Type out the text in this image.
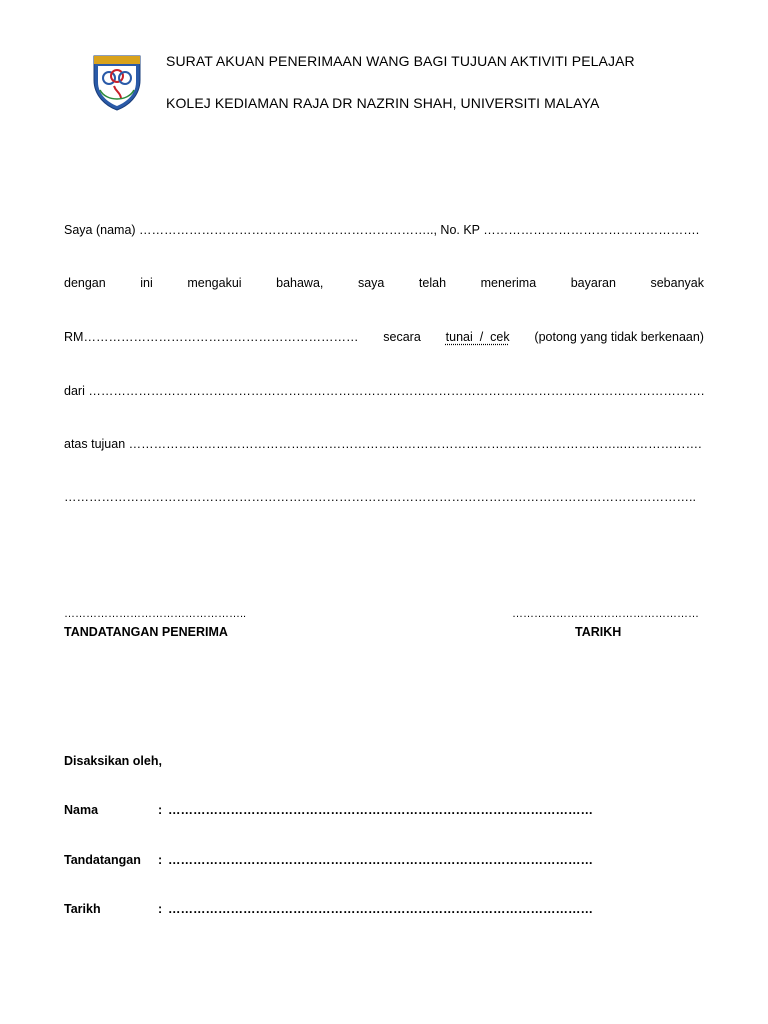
SURAT AKUAN PENERIMAAN WANG BAGI TUJUAN AKTIVITI PELAJAR
KOLEJ KEDIAMAN RAJA DR NAZRIN SHAH, UNIVERSITI MALAYA
Saya (nama) …………………………………………………………….., No. KP …………………………………………….
dengan	ini	mengakui	bahawa,	saya	telah	menerima	bayaran	sebanyak
RM………………………………………………………… secara tunai  /  cek (potong yang tidak berkenaan)
dari ………………………………………………………………………………………………………………………………….
atas tujuan ………………………………………………………………………………………………………..……………….
……………………………………………………………………………………………………………………………………..
…………………………………………..
TANDATANGAN PENERIMA
……………………………………………
TARIKH
Disaksikan oleh,
Nama	: …………………………………………………………………………………………
Tandatangan : …………………………………………………………………………………………
Tarikh	: …………………………………………………………………………………………
